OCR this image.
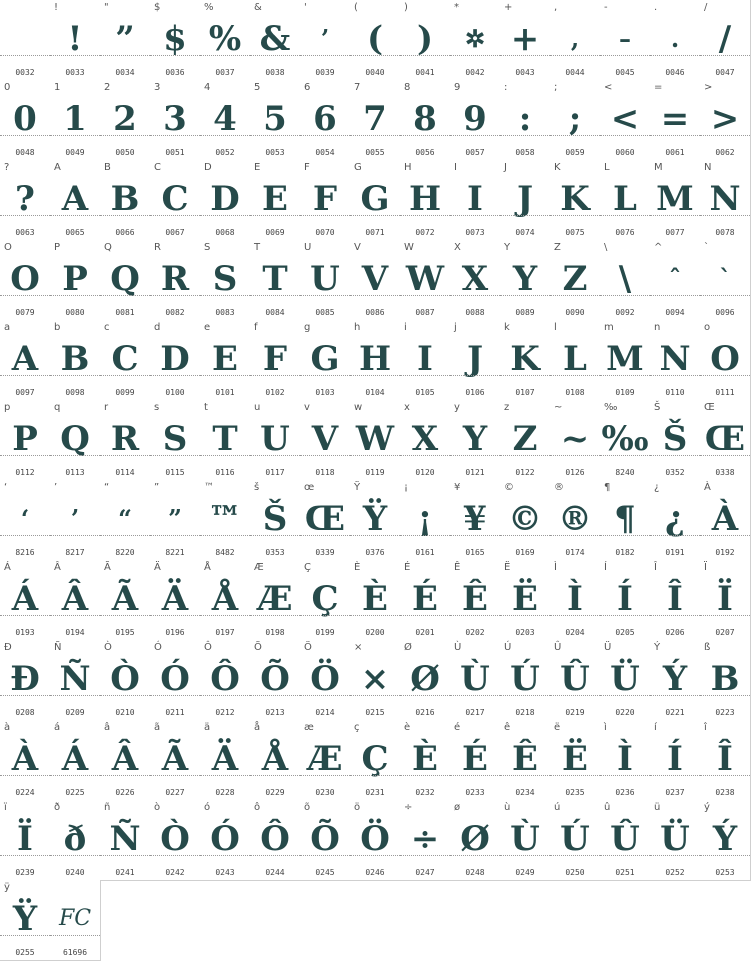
0032
!
!
0033
"
”
0034
$
$
0036
%
%
0037
&
&
0038
'
’
0039
(
(
0040
)
)
0041
*
✲
0042
+
+
0043
,
,
0044
-
–
0045
.
.
0046
/
/
0047
0
0
0048
1
1
0049
2
2
0050
3
3
0051
4
4
0052
5
5
0053
6
6
0054
7
7
0055
8
8
0056
9
9
0057
:
:
0058
;
;
0059
<
<
0060
=
=
0061
>
>
0062
?
?
0063
A
A
0065
B
B
0066
C
C
0067
D
D
0068
E
E
0069
F
F
0070
G
G
0071
H
H
0072
I
I
0073
J
J
0074
K
K
0075
L
L
0076
M
M
0077
N
N
0078
O
O
0079
P
P
0080
Q
Q
0081
R
R
0082
S
S
0083
T
T
0084
U
U
0085
V
V
0086
W
W
0087
X
X
0088
Y
Y
0089
Z
Z
0090
\
\
0092
^
ˆ
0094
`
`
0096
a
A
0097
b
B
0098
c
C
0099
d
D
0100
e
E
0101
f
F
0102
g
G
0103
h
H
0104
i
I
0105
j
J
0106
k
K
0107
l
L
0108
m
M
0109
n
N
0110
o
O
0111
p
P
0112
q
Q
0113
r
R
0114
s
S
0115
t
T
0116
u
U
0117
v
V
0118
w
W
0119
x
X
0120
y
Y
0121
z
Z
0122
~
~
0126
‰
‰
8240
Š
Š
0352
Œ
Œ
0338
‘
‘
8216
’
’
8217
“
“
8220
”
”
8221
™
™
8482
š
Š
0353
œ
Œ
0339
Ÿ
Ÿ
0376
¡
¡
0161
¥
¥
0165
©
©
0169
®
®
0174
¶
¶
0182
¿
¿
0191
À
À
0192
Á
Á
0193
Â
Â
0194
Ã
Ã
0195
Ä
Ä
0196
Å
Å
0197
Æ
Æ
0198
Ç
Ç
0199
È
È
0200
É
É
0201
Ê
Ê
0202
Ë
Ë
0203
Ì
Ì
0204
Í
Í
0205
Î
Î
0206
Ï
Ï
0207
Ð
Ð
0208
Ñ
Ñ
0209
Ò
Ò
0210
Ó
Ó
0211
Ô
Ô
0212
Õ
Õ
0213
Ö
Ö
0214
×
×
0215
Ø
Ø
0216
Ù
Ù
0217
Ú
Ú
0218
Û
Û
0219
Ü
Ü
0220
Ý
Ý
0221
ß
B
0223
à
À
0224
á
Á
0225
â
Â
0226
ã
Ã
0227
ä
Ä
0228
å
Å
0229
æ
Æ
0230
ç
Ç
0231
è
È
0232
é
É
0233
ê
Ê
0234
ë
Ë
0235
ì
Ì
0236
í
Í
0237
î
Î
0238
ï
Ï
0239
ð
ð
0240
ñ
Ñ
0241
ò
Ò
0242
ó
Ó
0243
ô
Ô
0244
õ
Õ
0245
ö
Ö
0246
÷
÷
0247
ø
Ø
0248
ù
Ù
0249
ú
Ú
0250
û
Û
0251
ü
Ü
0252
ý
Ý
0253
ÿ
Ÿ
0255
FC
61696
